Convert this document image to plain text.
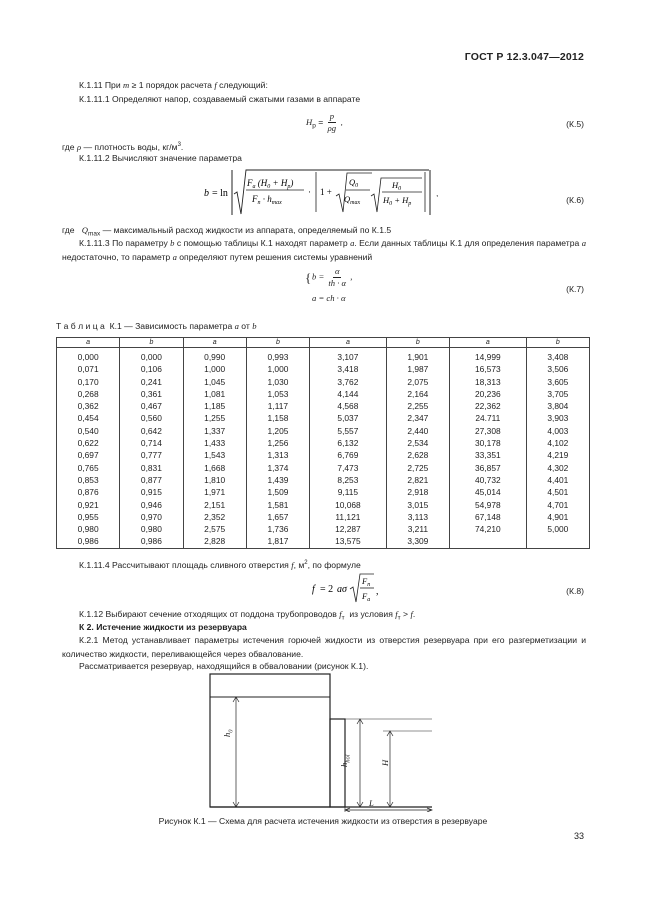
ГОСТ Р 12.3.047—2012
К.1.11 При m ≥ 1 порядок расчета f следующий:
К.1.11.1 Определяют напор, создаваемый сжатыми газами в аппарате
$H_р = \frac{p}{\rho g}$ ,	(К.5)
где ρ — плотность воды, $кг/м^3$.
К.1.11.2 Вычисляют значение параметра
b = ln
$F_a$ $(H_0 + H_p)$
$F_п \cdot h_{max}$
· 1 +
$Q_0$
$Q_{max}$
$H_0$
$H_0 + H_p$
,
(К.6)
где   $Q_{max}$ — максимальный расход жидкости из аппарата, определяемый по К.1.5
К.1.11.3 По параметру b с помощью таблицы К.1 находят параметр a. Если данных таблицы К.1 для определения параметра a недостаточно, то параметр a определяют путем решения системы уравнений
{ $b = \frac{\alpha}{th \cdot \alpha}$ ,
a = ch · α
(К.7)
Т а б л и ц а  К.1 — Зависимость параметра a от b
a	b	a	b	a	b	a	b
0,000	0,000	0,990	0,993	3,107	1,901	14,999	3,408
0,071	0,106	1,000	1,000	3,418	1,987	16,573	3,506
0,170	0,241	1,045	1,030	3,762	2,075	18,313	3,605
0,268	0,361	1,081	1,053	4,144	2,164	20,236	3,705
0,362	0,467	1,185	1,117	4,568	2,255	22,362	3,804
0,454	0,560	1,255	1,158	5,037	2,347	24.711	3,903
0,540	0,642	1,337	1,205	5,557	2,440	27,308	4,003
0,622	0,714	1,433	1,256	6,132	2,534	30,178	4,102
0,697	0,777	1,543	1,313	6,769	2,628	33,351	4,219
0,765	0,831	1,668	1,374	7,473	2,725	36,857	4,302
0,853	0,877	1,810	1,439	8,253	2,821	40,732	4,401
0,876	0,915	1,971	1,509	9,115	2,918	45,014	4,501
0,921	0,946	2,151	1,581	10,068	3,015	54,978	4,701
0,955	0,970	2,352	1,657	11,121	3,113	67,148	4,901
0,980	0,980	2,575	1,736	12,287	3,211	74,210	5,000
0,986	0,986	2,828	1,817	13,575	3,309		
К.1.11.4 Рассчитывают площадь сливного отверстия f, $м^2$, по формуле
f = 2 aσ
$F_п$
$F_a$
,	(К.8)
К.1.12 Выбирают сечение отходящих от поддона трубопроводов $f_т$  из условия $f_т > f$.
К 2. Истечение жидкости из резервуара
К.2.1 Метод устанавливает параметры истечения горючей жидкости из отверстия резервуара при его разгерметизации и количество жидкости, переливающейся через обвалование.
Рассматривается резервуар, находящийся в обваловании (рисунок К.1).
$h_0$
$h_{hol}$
H
L
Рисунок К.1 — Схема для расчета истечения жидкости из отверстия в резервуаре
33
